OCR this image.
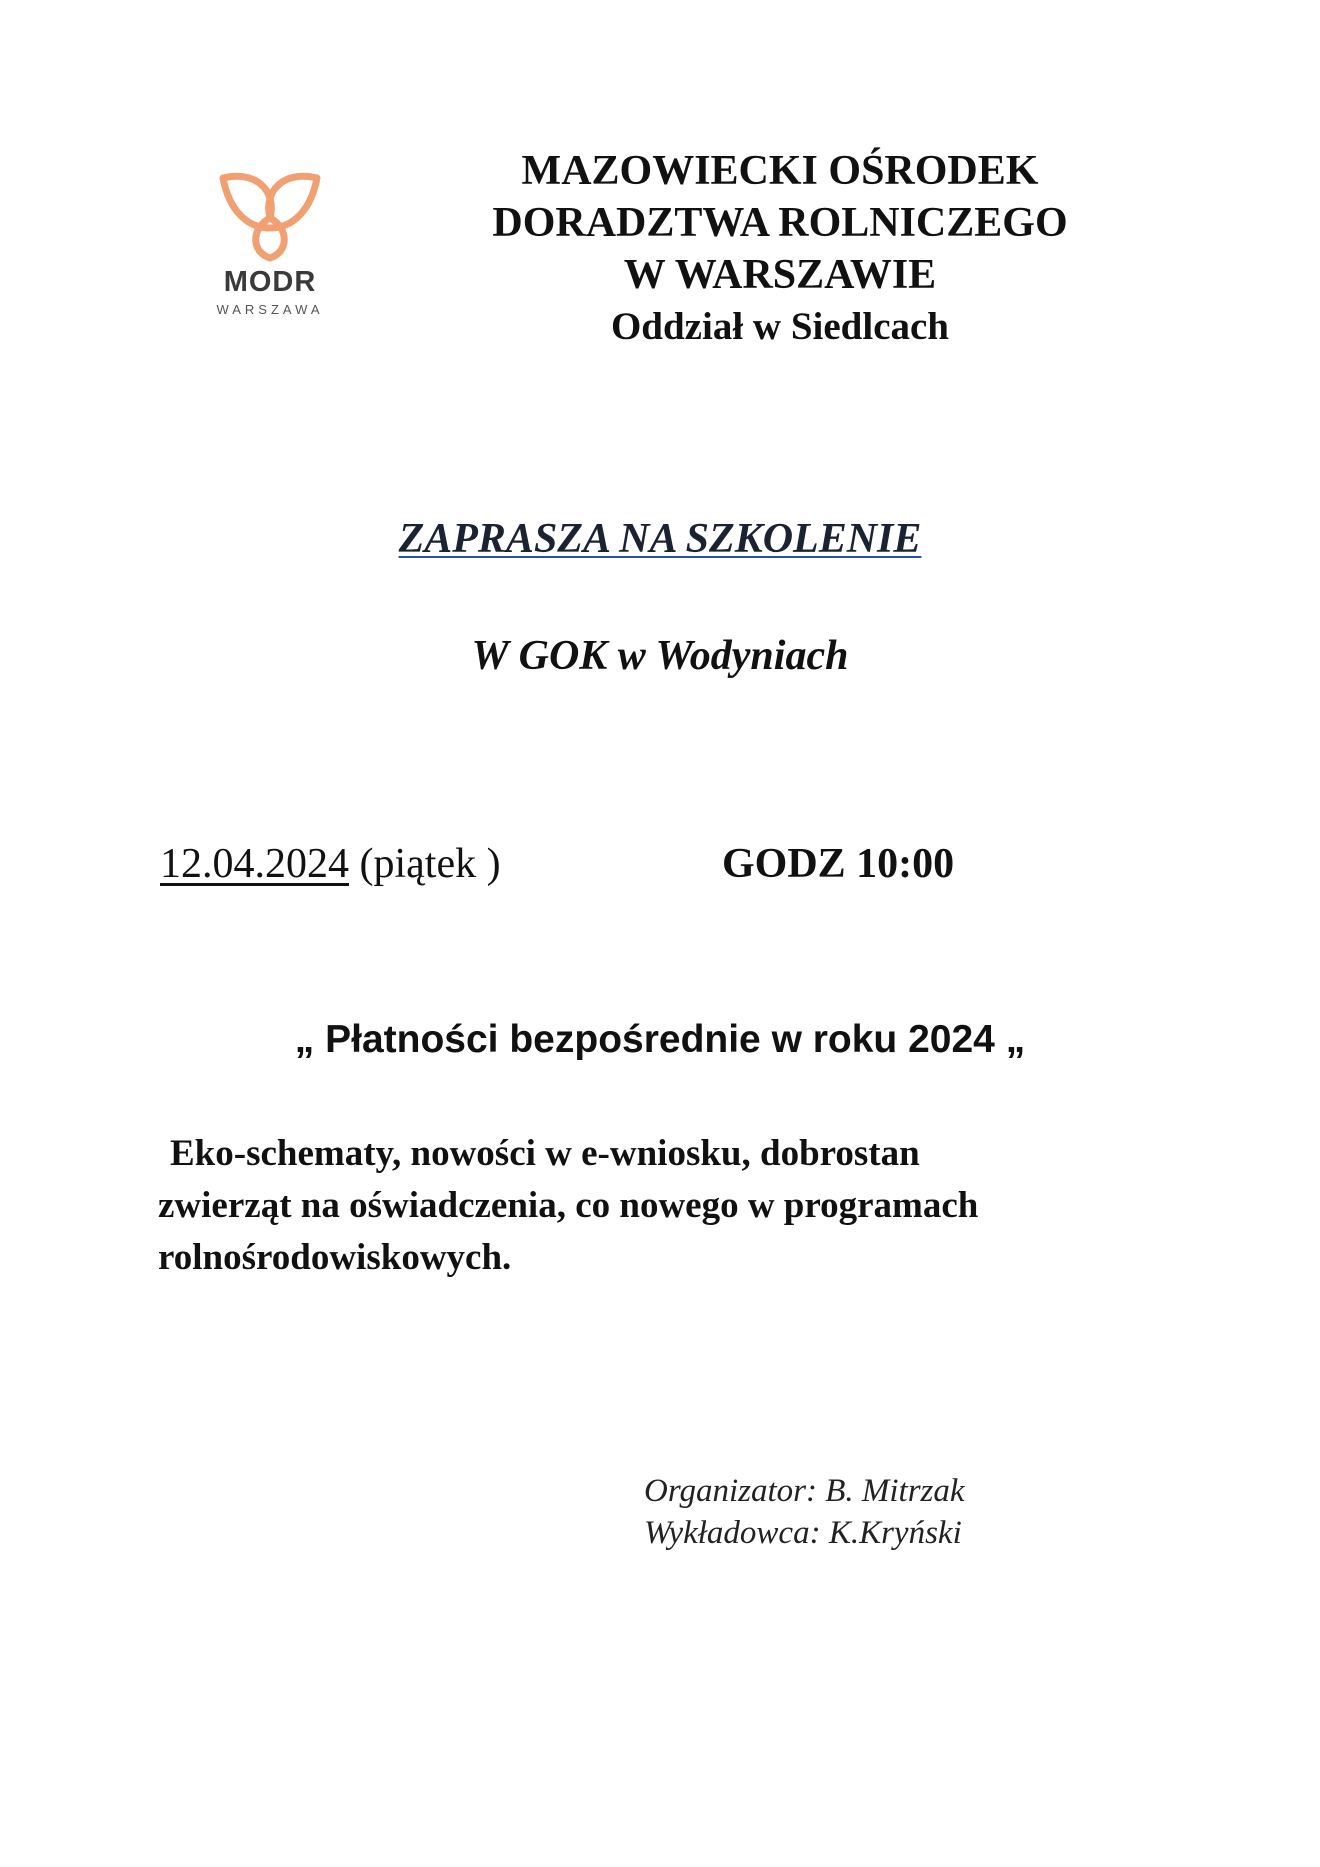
MODR
WARSZAWA
MAZOWIECKI OŚRODEK
DORADZTWA ROLNICZEGO
W WARSZAWIE
Oddział w Siedlcach
ZAPRASZA NA SZKOLENIE
W GOK w Wodyniach
12.04.2024 (piątek )	GODZ 10:00
„ Płatności bezpośrednie w roku 2024 „
Eko-schematy, nowości w e-wniosku, dobrostan
zwierząt na oświadczenia, co nowego w programach
rolnośrodowiskowych.
Organizator: B. Mitrzak
Wykładowca: K.Kryński
